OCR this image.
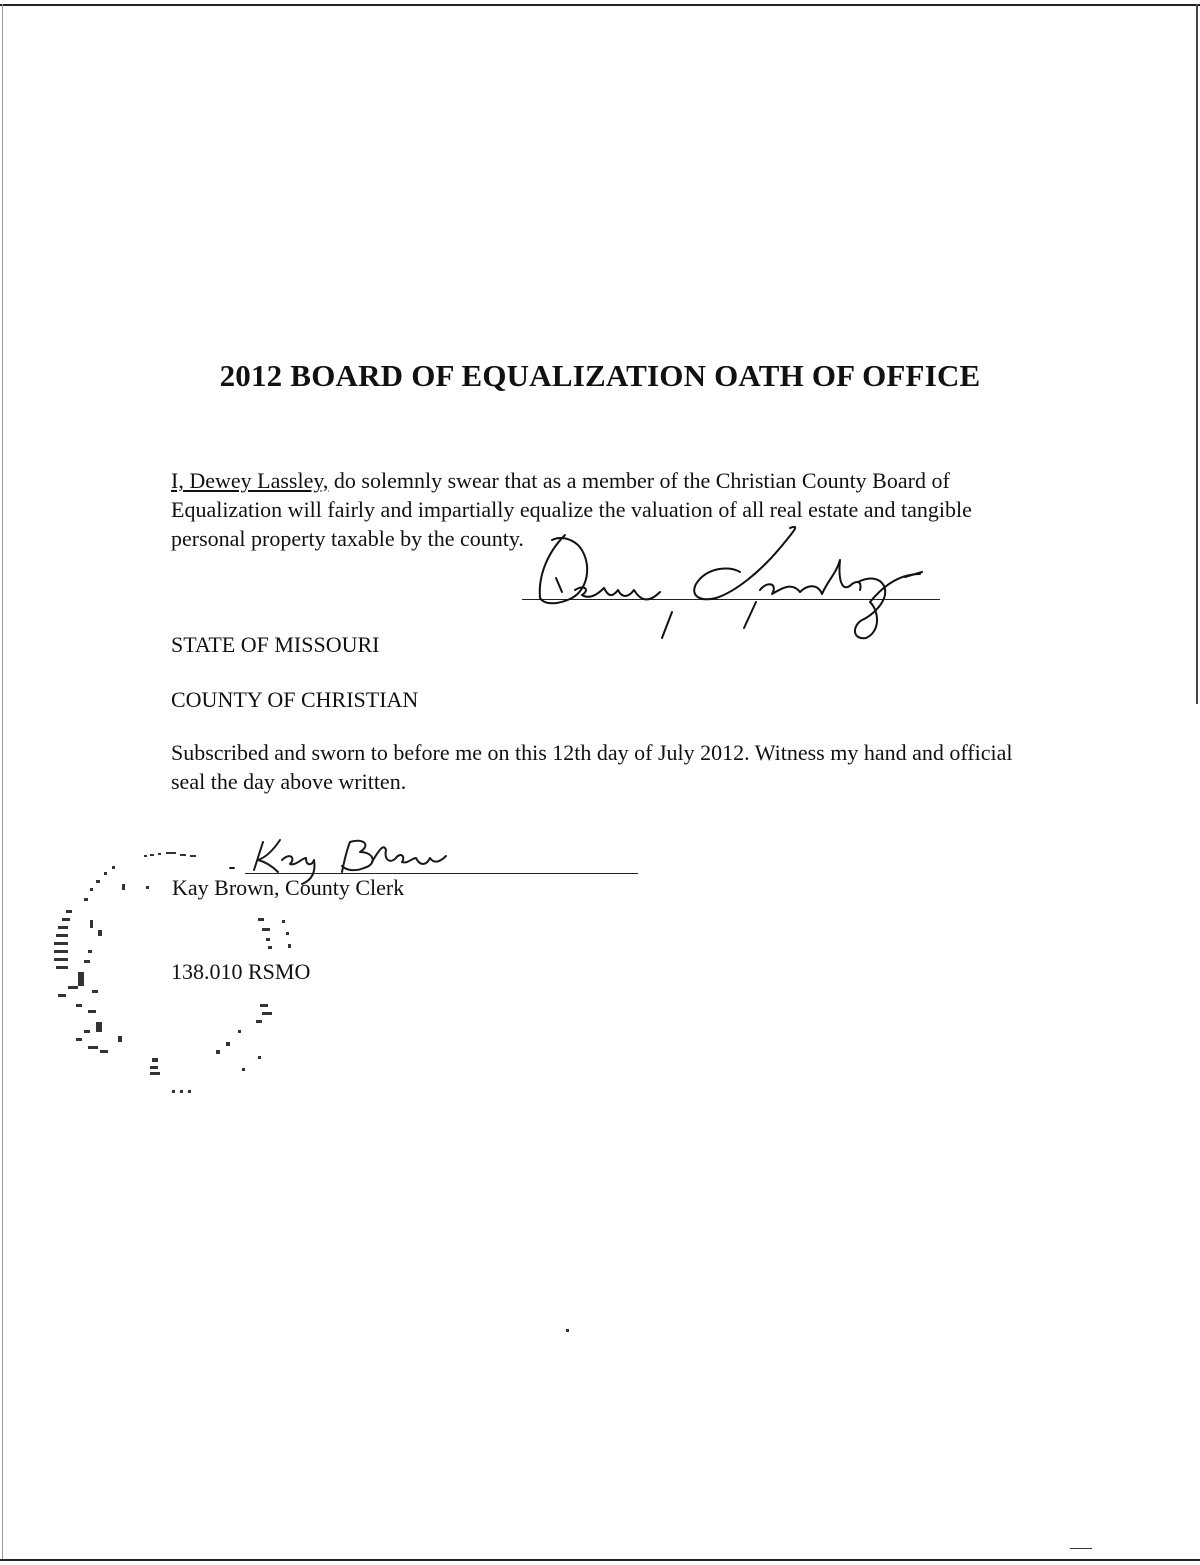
2012 BOARD OF EQUALIZATION OATH OF OFFICE
I, Dewey Lassley, do solemnly swear that as a member of the Christian County Board of Equalization will fairly and impartially equalize the valuation of all real estate and tangible personal property taxable by the county.
STATE OF MISSOURI
COUNTY OF CHRISTIAN
Subscribed and sworn to before me on this 12th day of July 2012. Witness my hand and official seal the day above written.
Kay Brown, County Clerk
138.010 RSMO
